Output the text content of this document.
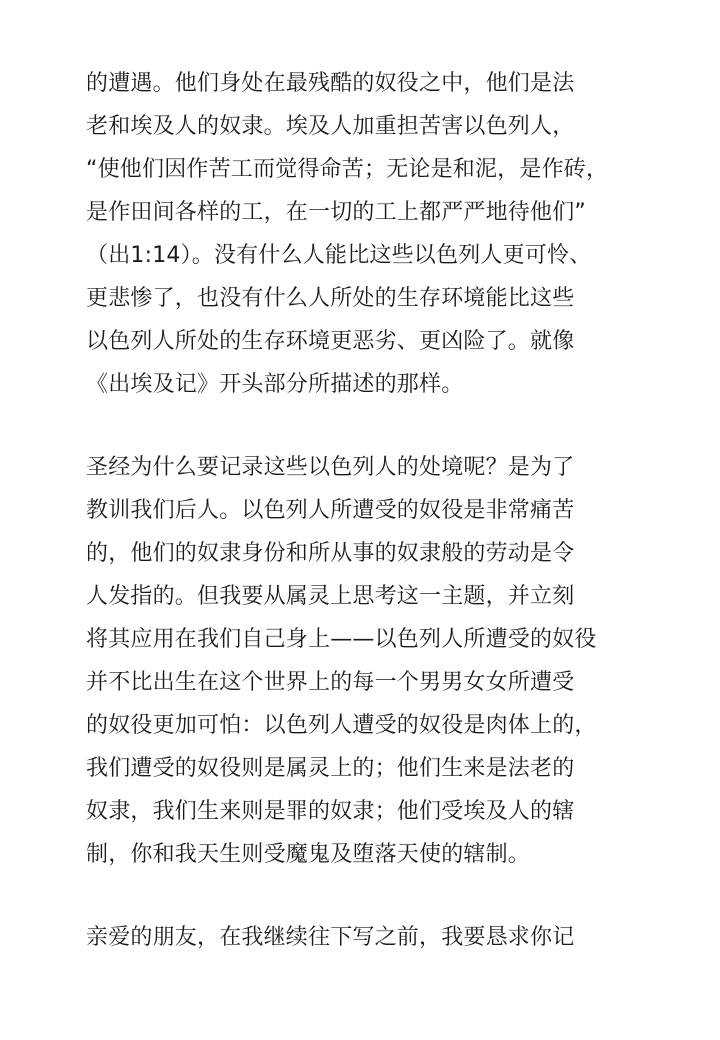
的遭遇。他们身处在最残酷的奴役之中，他们是法
老和埃及人的奴隶。埃及人加重担苦害以色列人，
“使他们因作苦工而觉得命苦；无论是和泥，是作砖，
是作田间各样的工，在一切的工上都严严地待他们”
（出1:14）。没有什么人能比这些以色列人更可怜、
更悲惨了，也没有什么人所处的生存环境能比这些
以色列人所处的生存环境更恶劣、更凶险了。就像
《出埃及记》开头部分所描述的那样。

圣经为什么要记录这些以色列人的处境呢？是为了
教训我们后人。以色列人所遭受的奴役是非常痛苦
的，他们的奴隶身份和所从事的奴隶般的劳动是令
人发指的。但我要从属灵上思考这一主题，并立刻
将其应用在我们自己身上——以色列人所遭受的奴役
并不比出生在这个世界上的每一个男男女女所遭受
的奴役更加可怕：以色列人遭受的奴役是肉体上的，
我们遭受的奴役则是属灵上的；他们生来是法老的
奴隶，我们生来则是罪的奴隶；他们受埃及人的辖
制，你和我天生则受魔鬼及堕落天使的辖制。

亲爱的朋友，在我继续往下写之前，我要恳求你记
